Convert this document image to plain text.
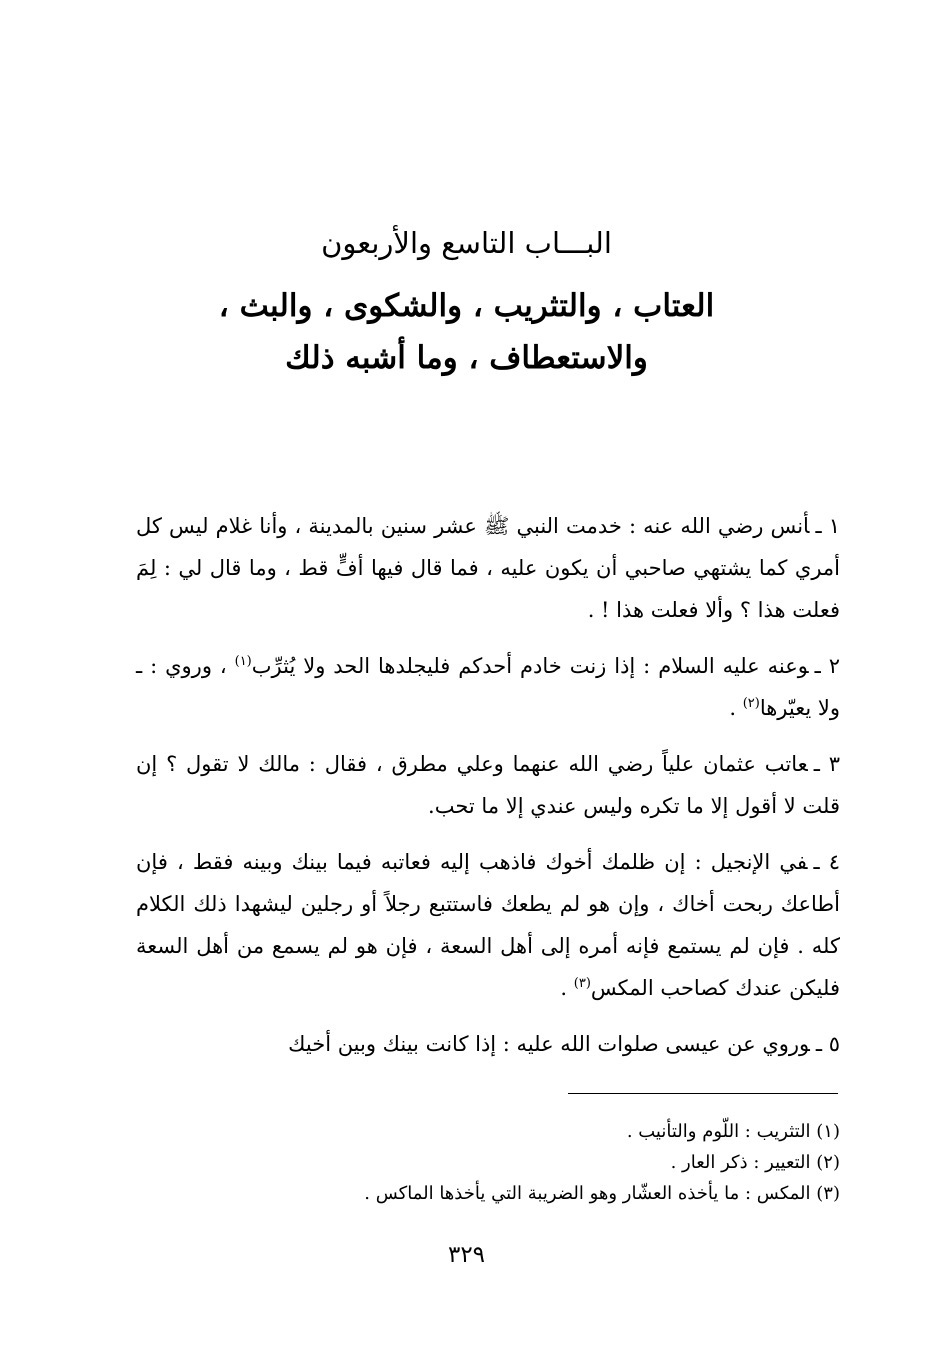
البـــاب التاسع والأربعون
العتاب ، والتثريب ، والشكوى ، والبث ،
والاستعطاف ، وما أشبه ذلك

١ ـأنس رضي الله عنه : خدمت النبي ﷺ عشر سنين بالمدينة ، وأنا غلام ليس كل أمري كما يشتهي صاحبي أن يكون عليه ، فما قال فيها أفٍّ قط ، وما قال لي : لِمَ فعلت هذا ؟ وألا فعلت هذا ! .

٢ ـوعنه عليه السلام : إذا زنت خادم أحدكم فليجلدها الحد ولا يُثرِّب$^{(١)}$ ، وروي : ـ ولا يعيّرها$^{(٢)}$ .

٣ ـعاتب عثمان علياً رضي الله عنهما وعلي مطرق ، فقال : مالك لا تقول ؟ إن قلت لا أقول إلا ما تكره وليس عندي إلا ما تحب.

٤ ـفي الإنجيل : إن ظلمك أخوك فاذهب إليه فعاتبه فيما بينك وبينه فقط ، فإن أطاعك ربحت أخاك ، وإن هو لم يطعك فاستتبع رجلاً أو رجلين ليشهدا ذلك الكلام كله . فإن لم يستمع فإنه أمره إلى أهل السعة ، فإن هو لم يسمع من أهل السعة فليكن عندك كصاحب المكس$^{(٣)}$ .

٥ ـوروي عن عيسى صلوات الله عليه : إذا كانت بينك وبين أخيك

(١) التثريب : اللّوم والتأنيب .

(٢) التعيير : ذكر العار .

(٣) المكس : ما يأخذه العشّار وهو الضريبة التي يأخذها الماكس .

٣٢٩
